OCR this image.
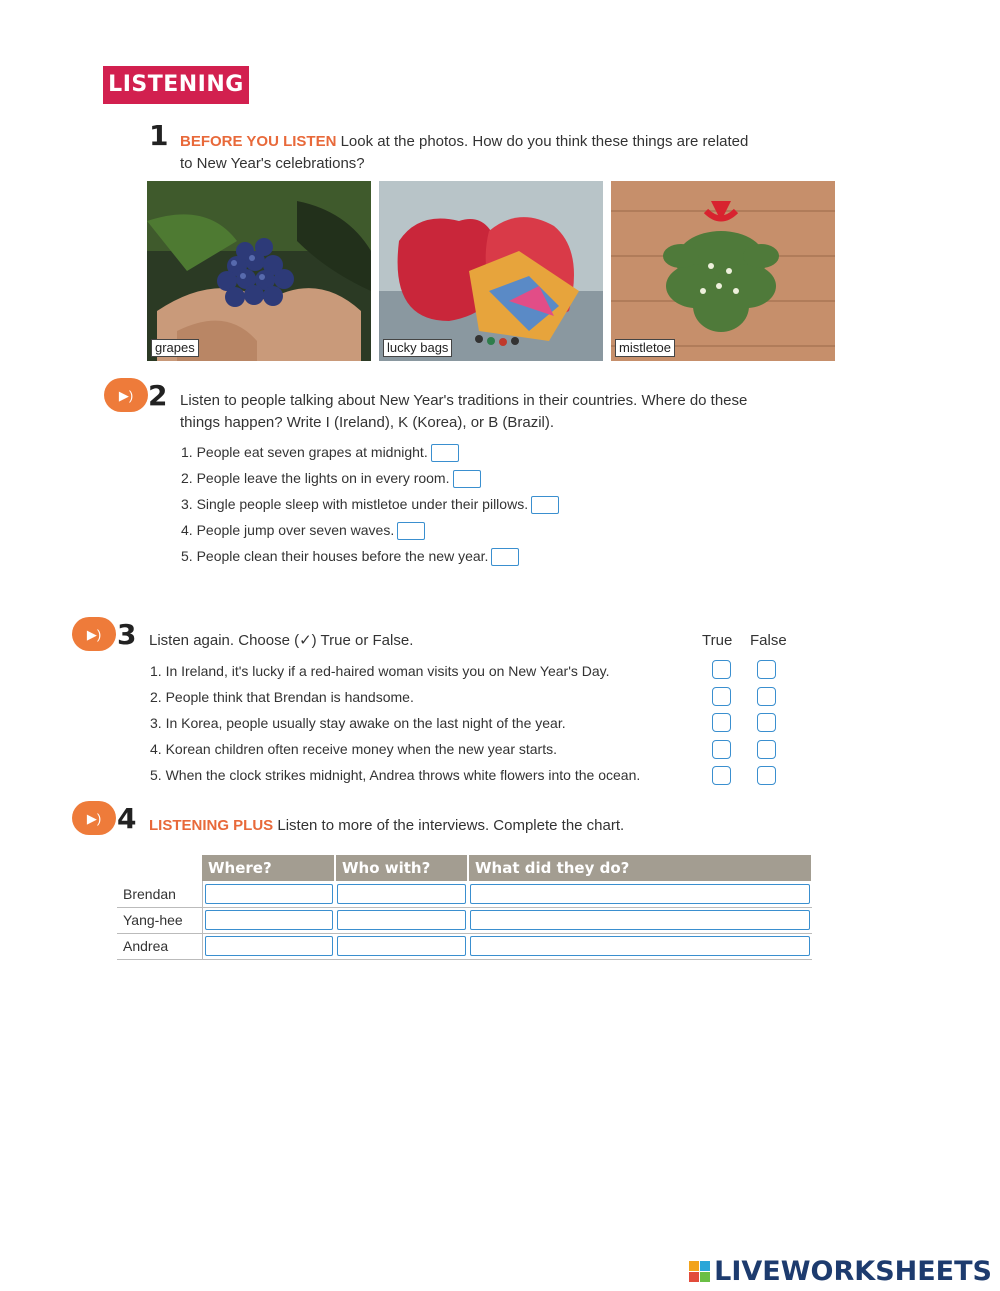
LISTENING
1 BEFORE YOU LISTEN Look at the photos. How do you think these things are related
to New Year's celebrations?
grapes	lucky bags	mistletoe
▶) 2 Listen to people talking about New Year's traditions in their countries. Where do these
things happen? Write I (Ireland), K (Korea), or B (Brazil).
1. People eat seven grapes at midnight.
2. People leave the lights on in every room.
3. Single people sleep with mistletoe under their pillows.
4. People jump over seven waves.
5. People clean their houses before the new year.
▶) 3 Listen again. Choose (✓) True or False.	True False
1. In Ireland, it's lucky if a red-haired woman visits you on New Year's Day.
2. People think that Brendan is handsome.
3. In Korea, people usually stay awake on the last night of the year.
4. Korean children often receive money when the new year starts.
5. When the clock strikes midnight, Andrea throws white flowers into the ocean.
▶) 4 LISTENING PLUS Listen to more of the interviews. Complete the chart.
	Where?	Who with?	What did they do?
Brendan	

Yang-hee	

Andrea	

LIVEWORKSHEETS
